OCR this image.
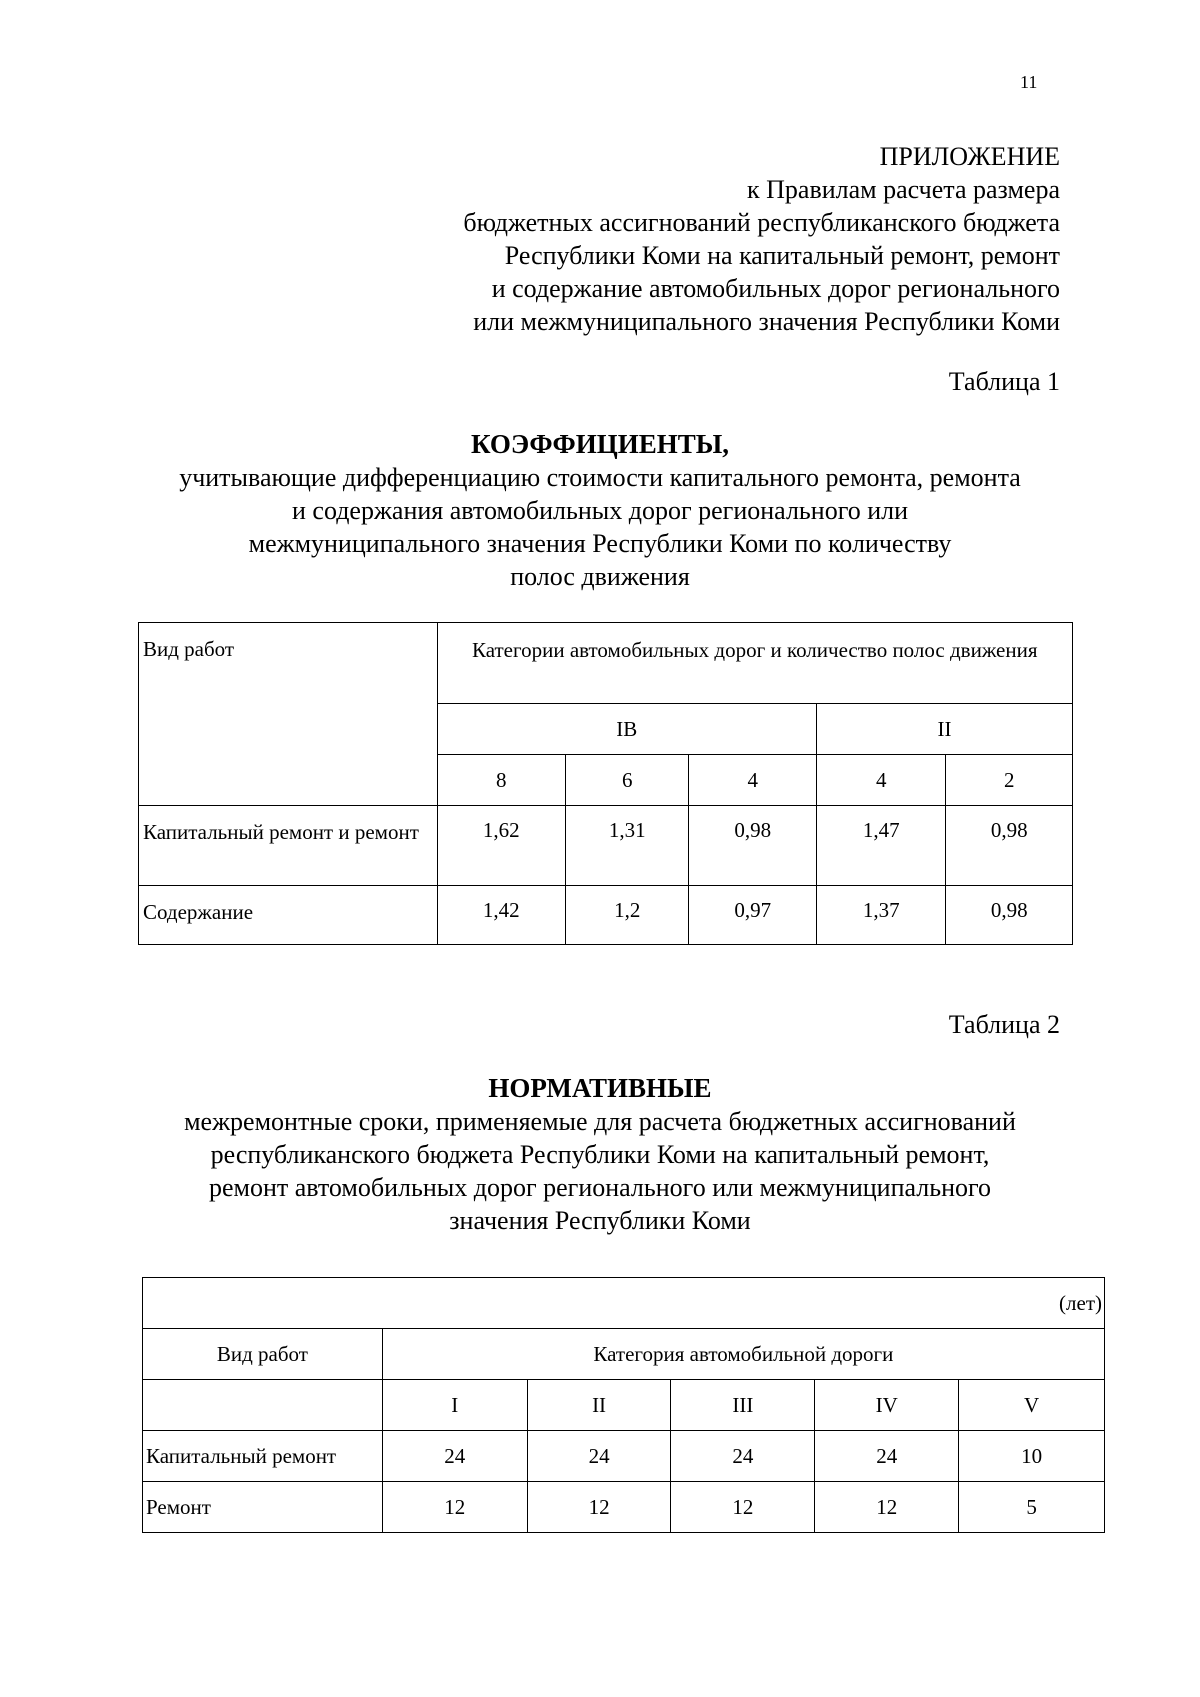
11
ПРИЛОЖЕНИЕ
к Правилам расчета размера
бюджетных ассигнований республиканского бюджета
Республики Коми на капитальный ремонт, ремонт
и содержание автомобильных дорог регионального
или межмуниципального значения Республики Коми
Таблица 1
КОЭФФИЦИЕНТЫ,
учитывающие дифференциацию стоимости капитального ремонта, ремонта
и содержания автомобильных дорог регионального или
межмуниципального значения Республики Коми по количеству
полос движения
Вид работ	Категории автомобильных дорог и количество полос движения				
	IВ			II	
	8	6	4	4	2
Капитальный ремонт и ремонт	1,62	1,31	0,98	1,47	0,98
Содержание	1,42	1,2	0,97	1,37	0,98
Таблица 2
НОРМАТИВНЫЕ
межремонтные сроки, применяемые для расчета бюджетных ассигнований
республиканского бюджета Республики Коми на капитальный ремонт,
ремонт автомобильных дорог регионального или межмуниципального
значения Республики Коми
(лет)					
Вид работ	Категория автомобильной дороги				
	I	II	III	IV	V
Капитальный ремонт	24	24	24	24	10
Ремонт	12	12	12	12	5
